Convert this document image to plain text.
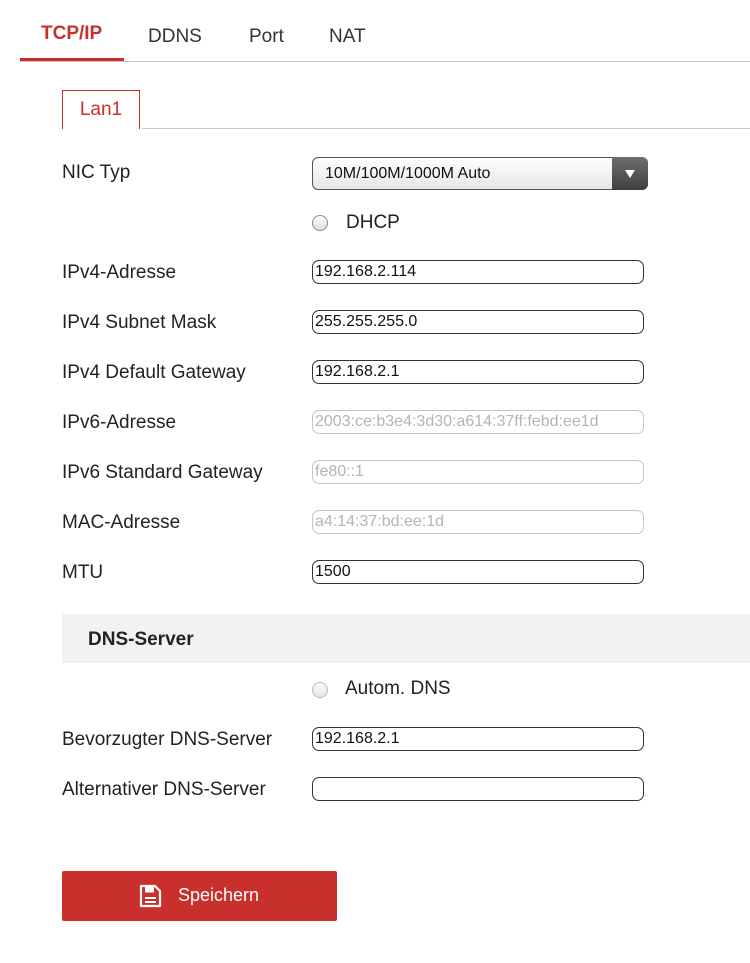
TCP/IP DDNS Port NAT
Lan1
NIC Typ	10M/100M/1000M Auto
DHCP
IPv4-Adresse
192.168.2.114
IPv4 Subnet Mask
255.255.255.0
IPv4 Default Gateway
192.168.2.1
IPv6-Adresse
2003:ce:b3e4:3d30:a614:37ff:febd:ee1d
IPv6 Standard Gateway
fe80::1
MAC-Adresse
a4:14:37:bd:ee:1d
MTU
1500
DNS-Server
Autom. DNS
Bevorzugter DNS-Server
192.168.2.1
Alternativer DNS-Server
Speichern
